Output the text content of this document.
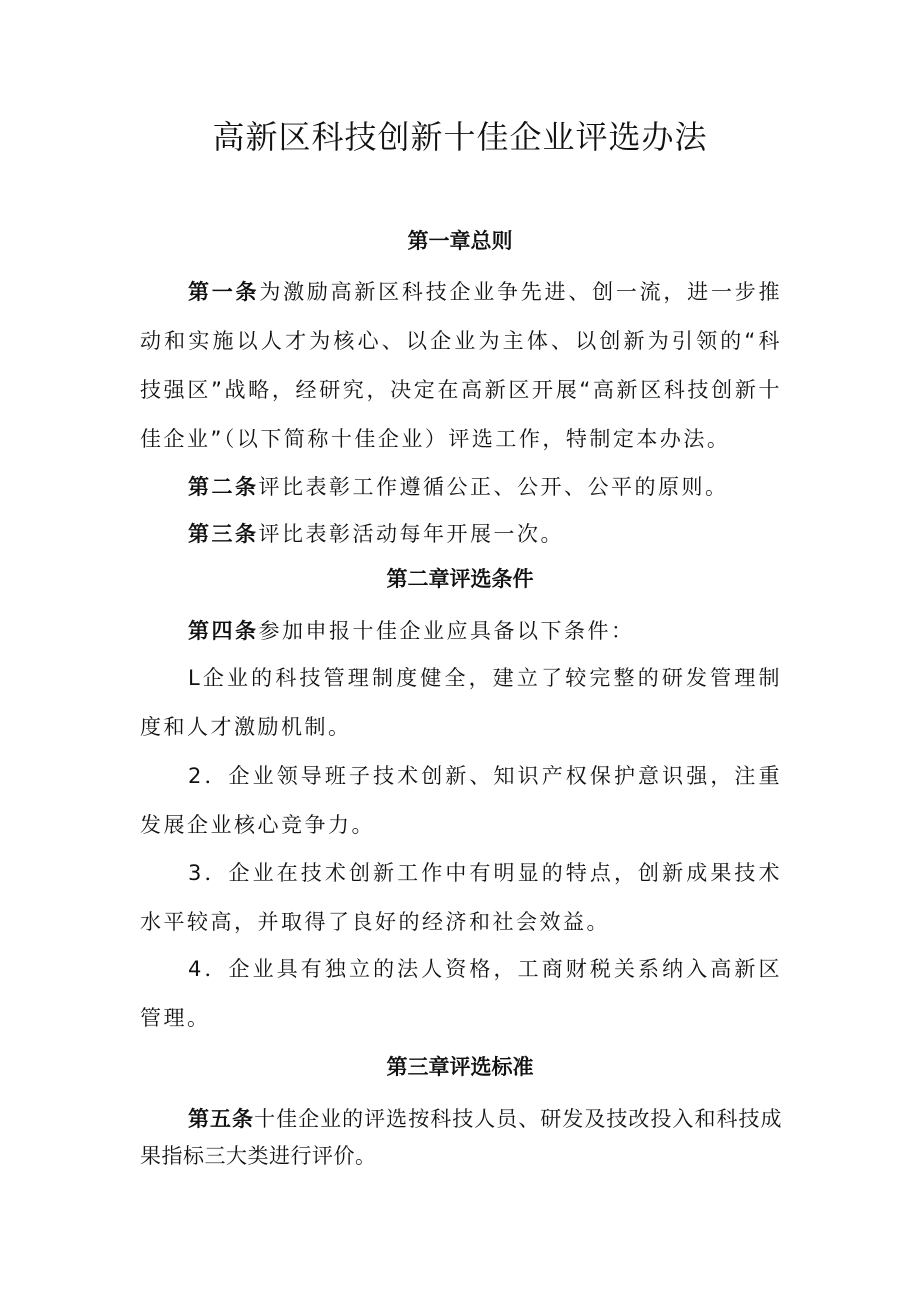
高新区科技创新十佳企业评选办法
第一章总则

第一条为激励高新区科技企业争先进、创一流，进一步推动和实施以人才为核心、以企业为主体、以创新为引领的“科技强区”战略，经研究，决定在高新区开展“高新区科技创新十佳企业”（以下简称十佳企业）评选工作，特制定本办法。

第二条评比表彰工作遵循公正、公开、公平的原则。

第三条评比表彰活动每年开展一次。

第二章评选条件

第四条参加申报十佳企业应具备以下条件：

L企业的科技管理制度健全，建立了较完整的研发管理制度和人才激励机制。

2．企业领导班子技术创新、知识产权保护意识强，注重发展企业核心竞争力。

3．企业在技术创新工作中有明显的特点，创新成果技术水平较高，并取得了良好的经济和社会效益。

4．企业具有独立的法人资格，工商财税关系纳入高新区管理。

第三章评选标准

第五条十佳企业的评选按科技人员、研发及技改投入和科技成果指标三大类进行评价。
